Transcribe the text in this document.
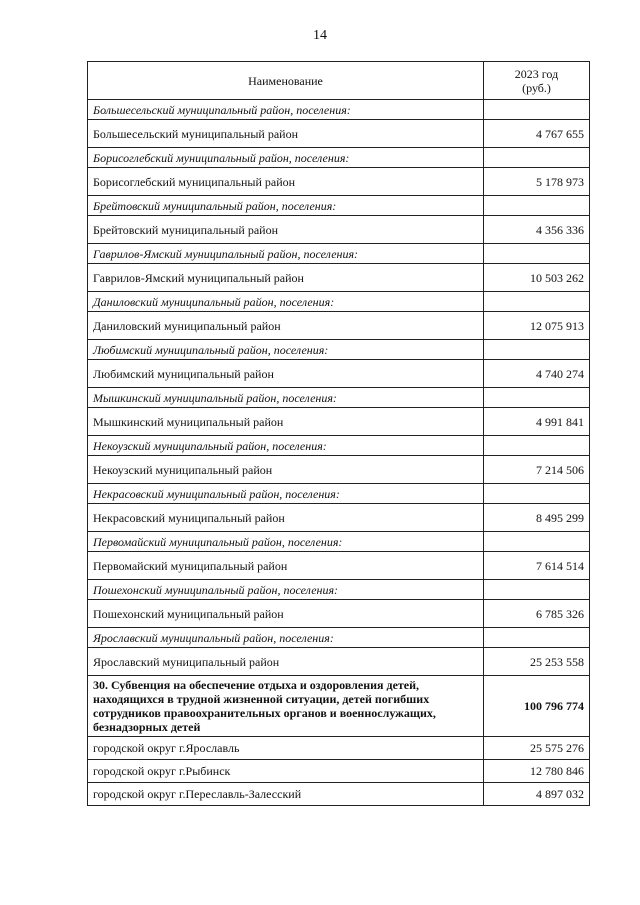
14
Наименование	2023 год
(руб.)
Большесельский муниципальный район, поселения:	
Большесельский муниципальный район	4 767 655
Борисоглебский муниципальный район, поселения:	
Борисоглебский муниципальный район	5 178 973
Брейтовский муниципальный район, поселения:	
Брейтовский муниципальный район	4 356 336
Гаврилов-Ямский муниципальный район, поселения:	
Гаврилов-Ямский муниципальный район	10 503 262
Даниловский муниципальный район, поселения:	
Даниловский муниципальный район	12 075 913
Любимский муниципальный район, поселения:	
Любимский муниципальный район	4 740 274
Мышкинский муниципальный район, поселения:	
Мышкинский муниципальный район	4 991 841
Некоузский муниципальный район, поселения:	
Некоузский муниципальный район	7 214 506
Некрасовский муниципальный район, поселения:	
Некрасовский муниципальный район	8 495 299
Первомайский муниципальный район, поселения:	
Первомайский муниципальный район	7 614 514
Пошехонский муниципальный район, поселения:	
Пошехонский муниципальный район	6 785 326
Ярославский муниципальный район, поселения:	
Ярославский муниципальный район	25 253 558
30. Субвенция на обеспечение отдыха и оздоровления детей, находящихся в трудной жизненной ситуации, детей погибших сотрудников правоохранительных органов и военнослужащих, безнадзорных детей	100 796 774
городской округ г.Ярославль	25 575 276
городской округ г.Рыбинск	12 780 846
городской округ г.Переславль-Залесский	4 897 032
